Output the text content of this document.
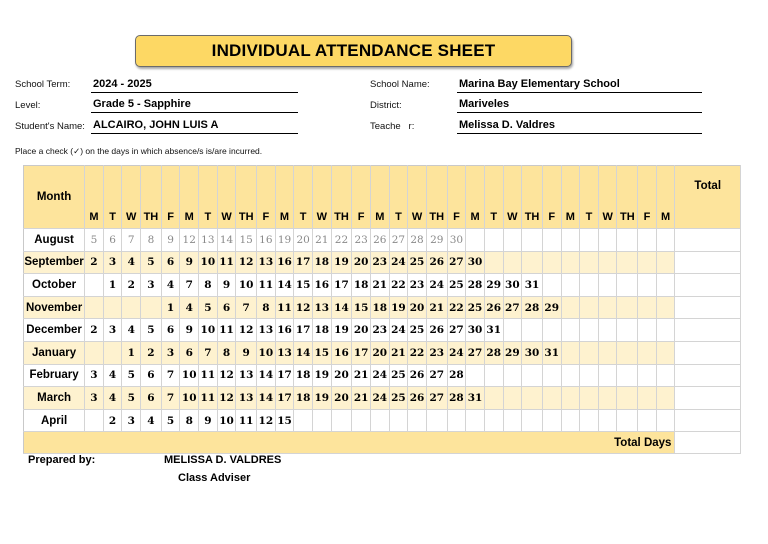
INDIVIDUAL ATTENDANCE SHEET
School Term: 2024 - 2025
Level:	Grade 5 - Sapphire
Student's Name: ALCAIRO, JOHN LUIS A
School Name:	Marina Bay Elementary School
District:	Mariveles
Teache   r:	Melissa D. Valdres
Place a check (✓) on the days in which absence/s is/are incurred.
Month	M	T	W	TH	F	M	T	W	TH	F	M	T	W	TH	F	M	T	W	TH	F	M	T	W	TH	F	M	T	W	TH	F	M	Total
August	5	6	7	8	9	12	13	14	15	16	19	20	21	22	23	26	27	28	29	30												
September	2	3	4	5	6	9	10	11	12	13	16	17	18	19	20	23	24	25	26	27	30											
October		1	2	3	4	7	8	9	10	11	14	15	16	17	18	21	22	23	24	25	28	29	30	31								
November					1	4	5	6	7	8	11	12	13	14	15	18	19	20	21	22	25	26	27	28	29							
December	2	3	4	5	6	9	10	11	12	13	16	17	18	19	20	23	24	25	26	27	30	31										
January			1	2	3	6	7	8	9	10	13	14	15	16	17	20	21	22	23	24	27	28	29	30	31							
February	3	4	5	6	7	10	11	12	13	14	17	18	19	20	21	24	25	26	27	28												
March	3	4	5	6	7	10	11	12	13	14	17	18	19	20	21	24	25	26	27	28	31											
April		2	3	4	5	8	9	10	11	12	15																					
Total Days																																
Prepared by:	MELISSA D. VALDRES
Class Adviser
